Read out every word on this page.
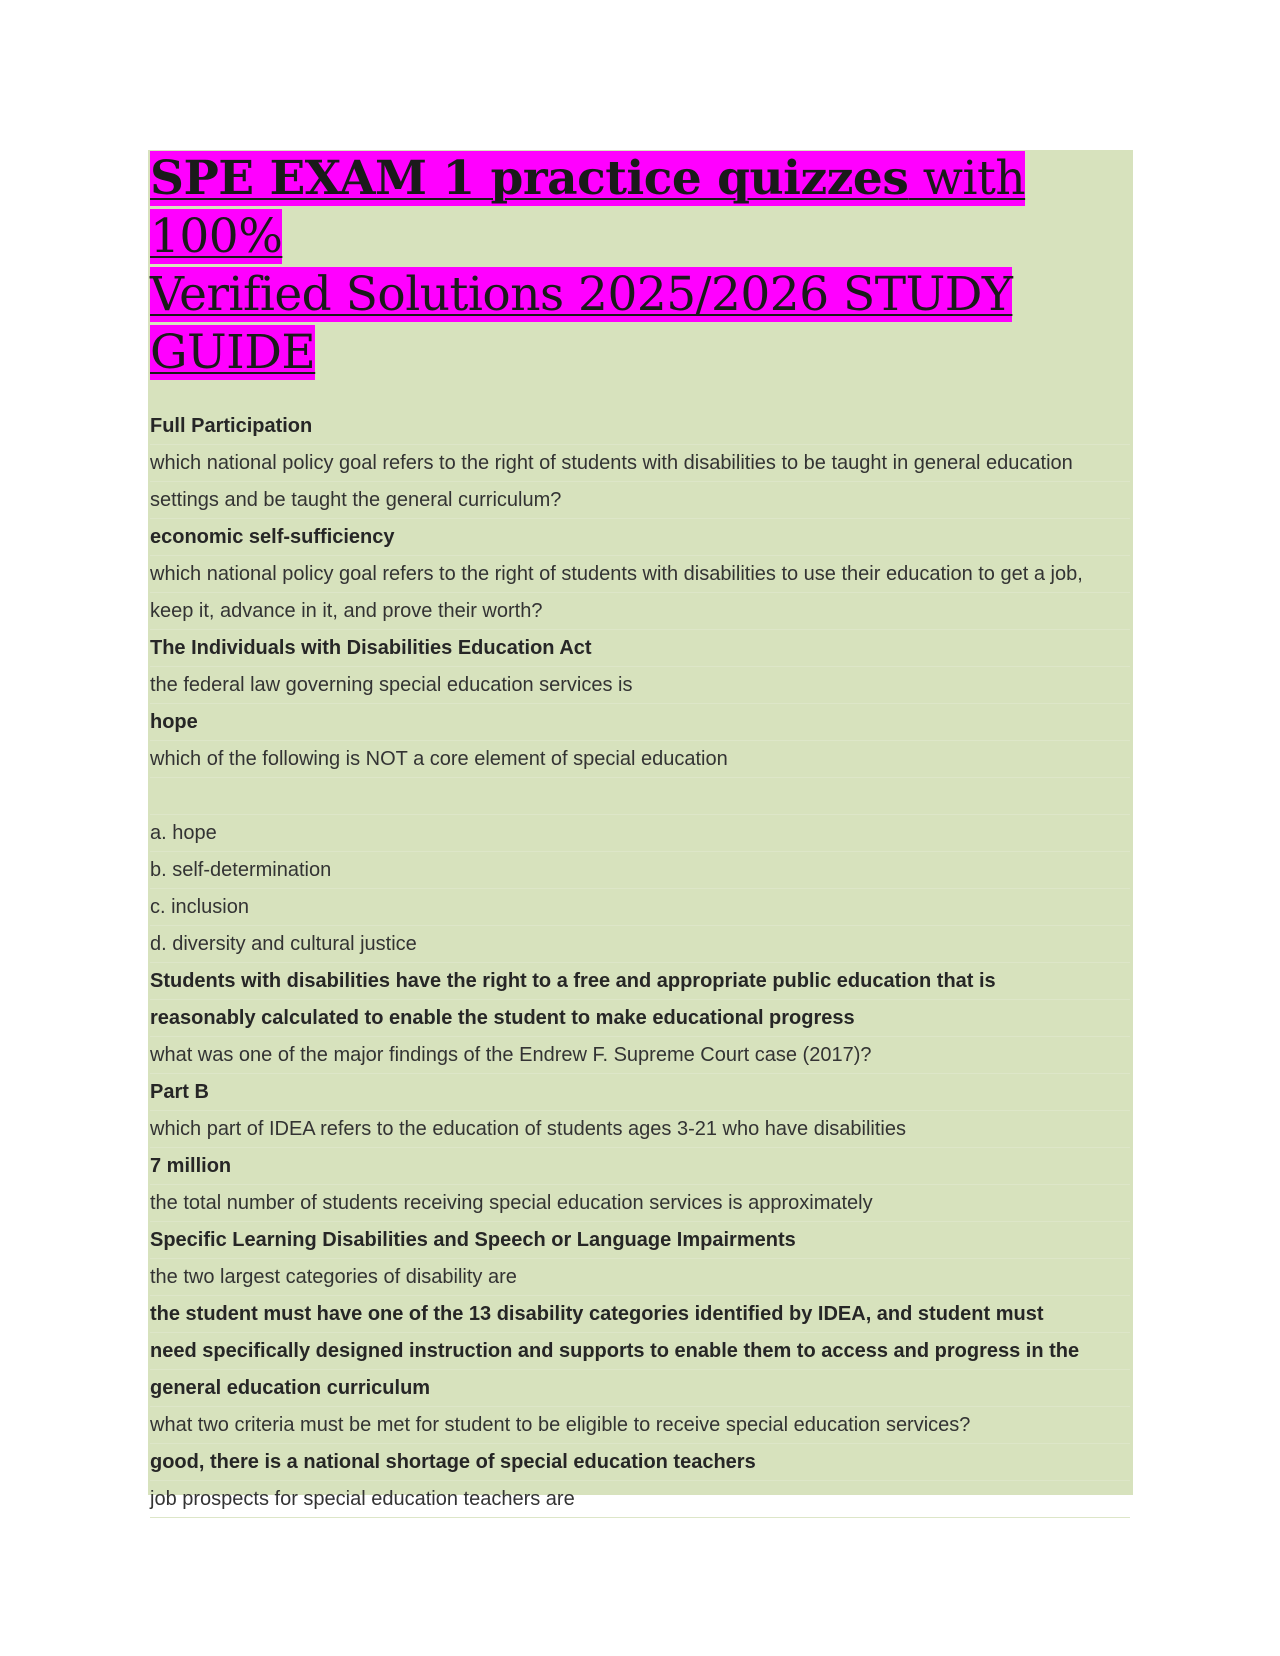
SPE EXAM 1 practice quizzes with 100%
Verified Solutions 2025/2026 STUDY GUIDE
Full Participation
which national policy goal refers to the right of students with disabilities to be taught in general education
settings and be taught the general curriculum?
economic self-sufficiency
which national policy goal refers to the right of students with disabilities to use their education to get a job,
keep it, advance in it, and prove their worth?
The Individuals with Disabilities Education Act
the federal law governing special education services is
hope
which of the following is NOT a core element of special education
a. hope
b. self-determination
c. inclusion
d. diversity and cultural justice
Students with disabilities have the right to a free and appropriate public education that is
reasonably calculated to enable the student to make educational progress
what was one of the major findings of the Endrew F. Supreme Court case (2017)?
Part B
which part of IDEA refers to the education of students ages 3-21 who have disabilities
7 million
the total number of students receiving special education services is approximately
Specific Learning Disabilities and Speech or Language Impairments
the two largest categories of disability are
the student must have one of the 13 disability categories identified by IDEA, and student must
need specifically designed instruction and supports to enable them to access and progress in the
general education curriculum
what two criteria must be met for student to be eligible to receive special education services?
good, there is a national shortage of special education teachers
job prospects for special education teachers are
